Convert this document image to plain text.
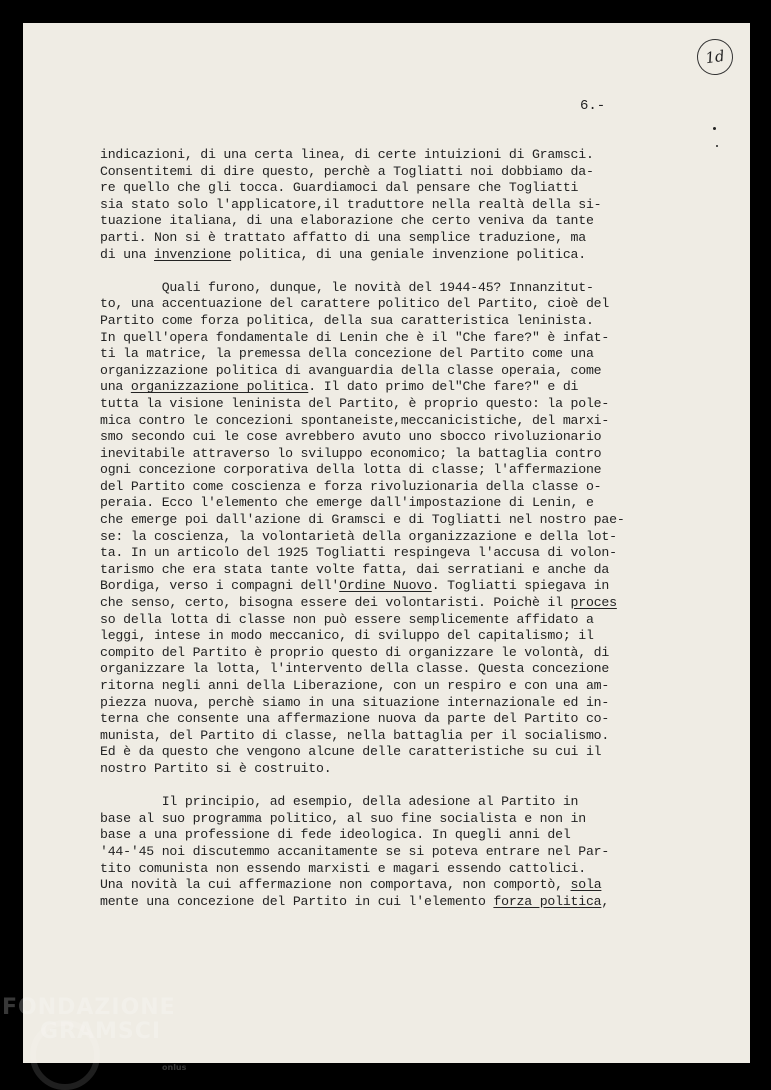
1d
6.-
indicazioni, di una certa linea, di certe intuizioni di Gramsci.
Consentitemi di dire questo, perchè a Togliatti noi dobbiamo da-
re quello che gli tocca. Guardiamoci dal pensare che Togliatti
sia stato solo l'applicatore,il traduttore nella realtà della si-
tuazione italiana, di una elaborazione che certo veniva da tante
parti. Non si è trattato affatto di una semplice traduzione, ma
di una invenzione politica, di una geniale invenzione politica.
Quali furono, dunque, le novità del 1944-45? Innanzitut-
to, una accentuazione del carattere politico del Partito, cioè del
Partito come forza politica, della sua caratteristica leninista.
In quell'opera fondamentale di Lenin che è il "Che fare?" è infat-
ti la matrice, la premessa della concezione del Partito come una
organizzazione politica di avanguardia della classe operaia, come
una organizzazione politica. Il dato primo del"Che fare?" e di
tutta la visione leninista del Partito, è proprio questo: la pole-
mica contro le concezioni spontaneiste,meccanicistiche, del marxi-
smo secondo cui le cose avrebbero avuto uno sbocco rivoluzionario
inevitabile attraverso lo sviluppo economico; la battaglia contro
ogni concezione corporativa della lotta di classe; l'affermazione
del Partito come coscienza e forza rivoluzionaria della classe o-
peraia. Ecco l'elemento che emerge dall'impostazione di Lenin, e
che emerge poi dall'azione di Gramsci e di Togliatti nel nostro pae-
se: la coscienza, la volontarietà della organizzazione e della lot-
ta. In un articolo del 1925 Togliatti respingeva l'accusa di volon-
tarismo che era stata tante volte fatta, dai serratiani e anche da
Bordiga, verso i compagni dell'Ordine Nuovo. Togliatti spiegava in
che senso, certo, bisogna essere dei volontaristi. Poichè il proces
so della lotta di classe non può essere semplicemente affidato a
leggi, intese in modo meccanico, di sviluppo del capitalismo; il
compito del Partito è proprio questo di organizzare le volontà, di
organizzare la lotta, l'intervento della classe. Questa concezione
ritorna negli anni della Liberazione, con un respiro e con una am-
piezza nuova, perchè siamo in una situazione internazionale ed in-
terna che consente una affermazione nuova da parte del Partito co-
munista, del Partito di classe, nella battaglia per il socialismo.
Ed è da questo che vengono alcune delle caratteristiche su cui il
nostro Partito si è costruito.
Il principio, ad esempio, della adesione al Partito in
base al suo programma politico, al suo fine socialista e non in
base a una professione di fede ideologica. In quegli anni del
'44-'45 noi discutemmo accanitamente se si poteva entrare nel Par-
tito comunista non essendo marxisti e magari essendo cattolici.
Una novità la cui affermazione non comportava, non comportò, sola
mente una concezione del Partito in cui l'elemento forza politica,
FONDAZIONE
GRAMSCI
onlus
